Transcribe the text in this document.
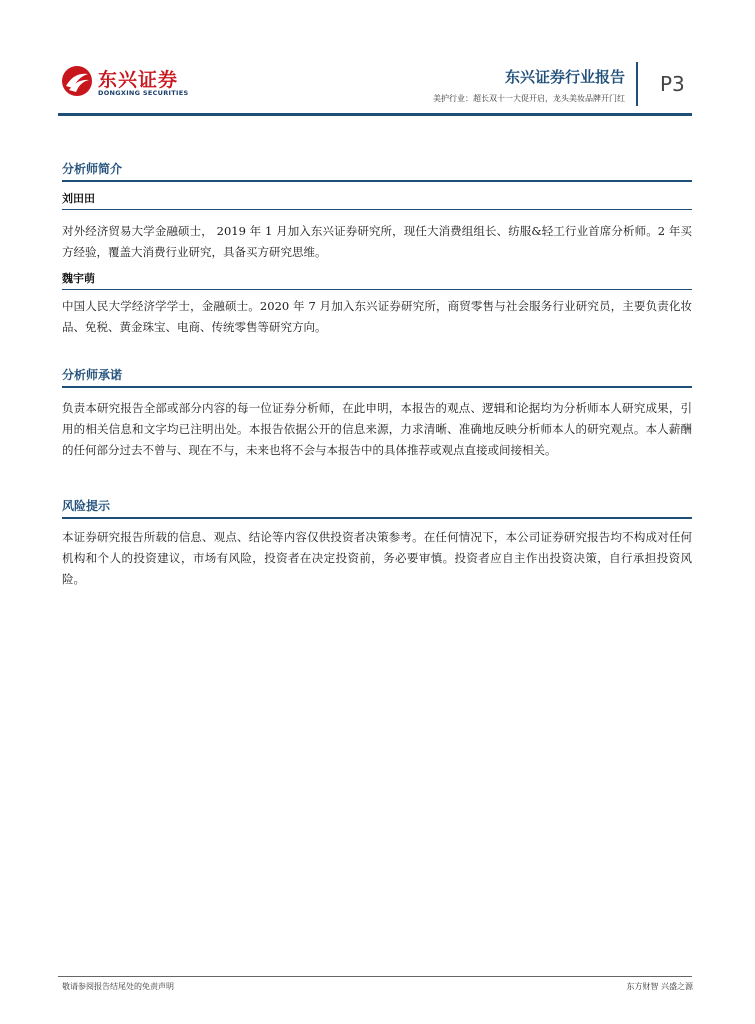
东兴证券
DONGXING SECURITIES
东兴证券行业报告
美护行业：超长双十一大促开启，龙头美妆品牌开门红
P3
分析师简介
刘田田

对外经济贸易大学金融硕士， 2019 年 1 月加入东兴证券研究所，现任大消费组组长、纺服&轻工行业首席分析师。2 年买方经验，覆盖大消费行业研究，具备买方研究思维。

魏宇萌

中国人民大学经济学学士，金融硕士。2020 年 7 月加入东兴证券研究所，商贸零售与社会服务行业研究员，主要负责化妆品、免税、黄金珠宝、电商、传统零售等研究方向。

分析师承诺

负责本研究报告全部或部分内容的每一位证券分析师，在此申明，本报告的观点、逻辑和论据均为分析师本人研究成果，引用的相关信息和文字均已注明出处。本报告依据公开的信息来源，力求清晰、准确地反映分析师本人的研究观点。本人薪酬的任何部分过去不曾与、现在不与，未来也将不会与本报告中的具体推荐或观点直接或间接相关。

风险提示

本证券研究报告所载的信息、观点、结论等内容仅供投资者决策参考。在任何情况下，本公司证券研究报告均不构成对任何机构和个人的投资建议，市场有风险，投资者在决定投资前，务必要审慎。投资者应自主作出投资决策，自行承担投资风险。

敬请参阅报告结尾处的免责声明	东方财智 兴盛之源
